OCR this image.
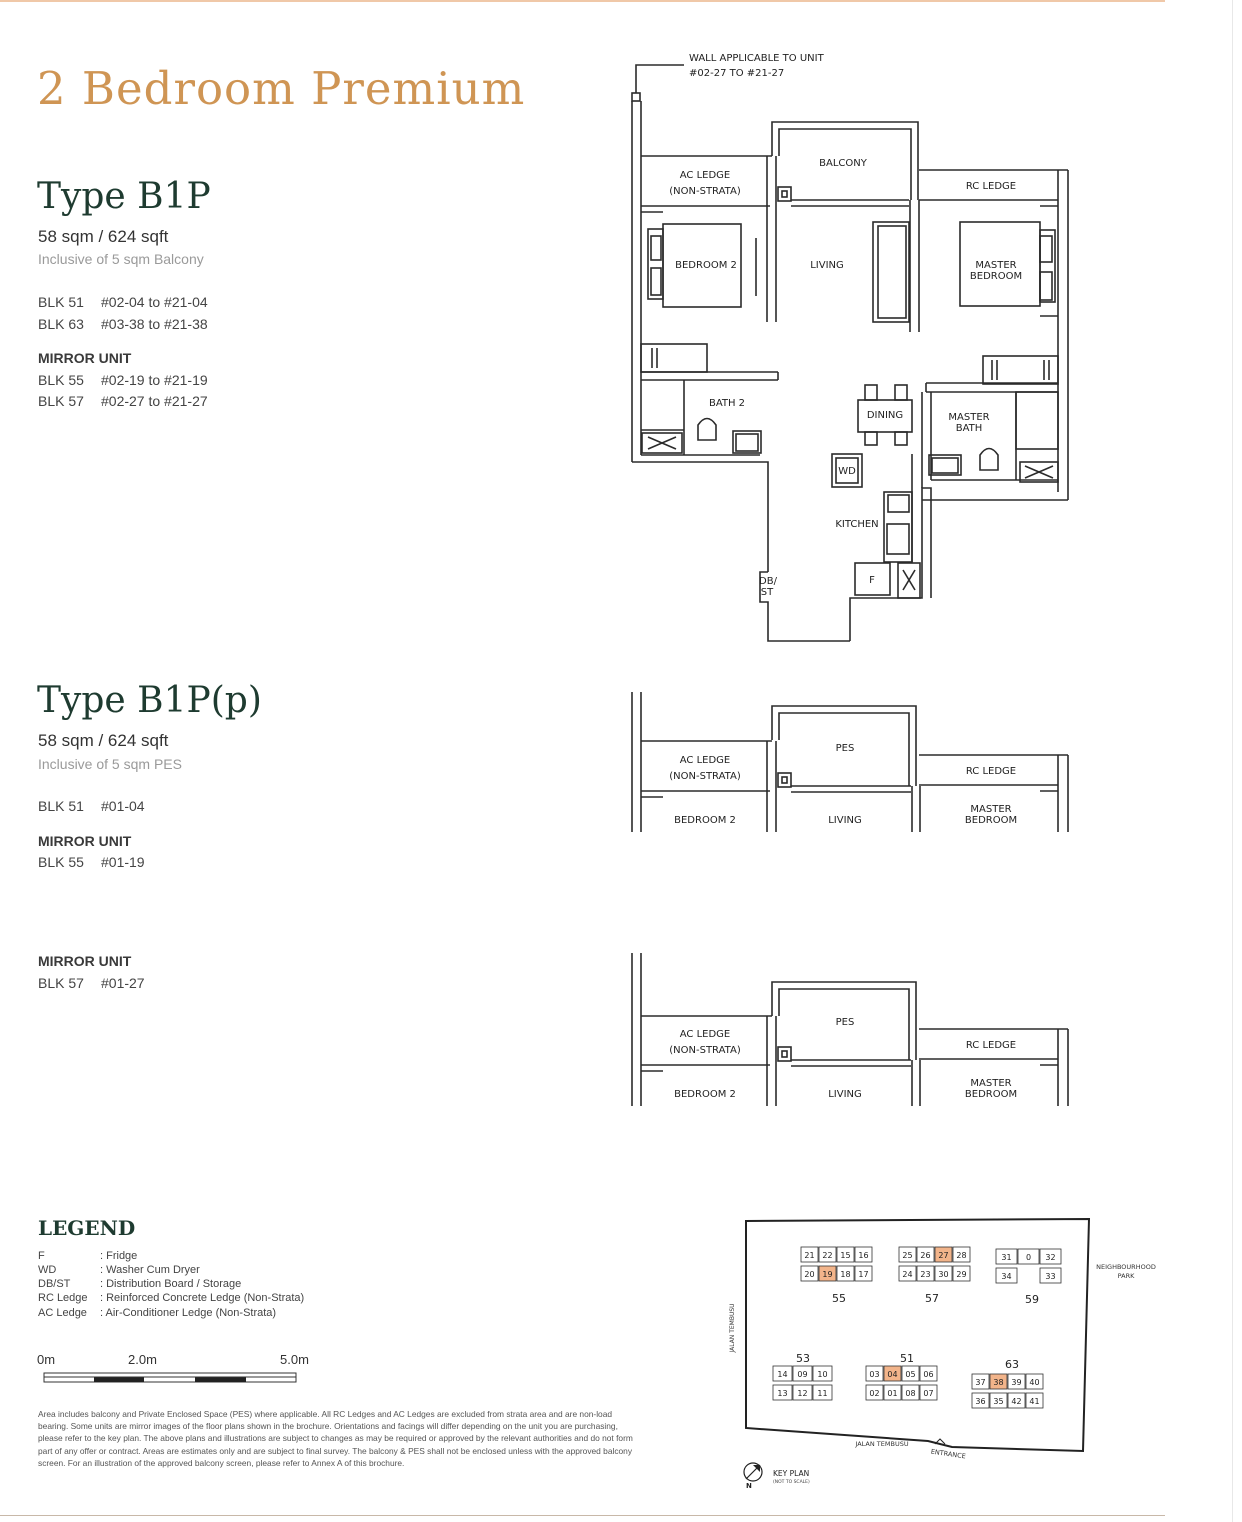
2 Bedroom Premium
Type B1P
58 sqm / 624 sqft
Inclusive of 5 sqm Balcony
BLK 51 #02-04 to #21-04
BLK 63 #03-38 to #21-38
MIRROR UNIT
BLK 55 #02-19 to #21-19
BLK 57 #02-27 to #21-27
Type B1P(p)
58 sqm / 624 sqft
Inclusive of 5 sqm PES
BLK 51 #01-04
MIRROR UNIT
BLK 55 #01-19
MIRROR UNIT
BLK 57 #01-27
LEGEND
F	: Fridge
WD	: Washer Cum Dryer
DB/ST	: Distribution Board / Storage
RC Ledge : Reinforced Concrete Ledge (Non-Strata)
AC Ledge : Air-Conditioner Ledge (Non-Strata)
0m	2.0m	5.0m
Area includes balcony and Private Enclosed Space (PES) where applicable. All RC Ledges and AC Ledges are excluded from strata area and are non-load bearing. Some units are mirror images of the floor plans shown in the brochure. Orientations and facings will differ depending on the unit you are purchasing, please refer to the key plan. The above plans and illustrations are subject to changes as may be required or approved by the relevant authorities and do not form part of any offer or contract. Areas are estimates only and are subject to final survey. The balcony & PES shall not be enclosed unless with the approved balcony screen. For an illustration of the approved balcony screen, please refer to Annex A of this brochure.
WALL APPLICABLE TO UNIT
#02-27 TO #21-27
BALCONY
AC LEDGE
(NON-STRATA)	RC LEDGE
BEDROOM 2	LIVING	MASTER
BEDROOM
BATH 2
DINING	MASTER
BATH
WD
KITCHEN
DB/
ST
F
PES
AC LEDGE
(NON-STRATA)	RC LEDGE
BEDROOM 2	LIVING
MASTER
BEDROOM
PES
AC LEDGE
(NON-STRATA)	RC LEDGE
BEDROOM 2	LIVING
MASTER
BEDROOM
JALAN TEMBUSU
JALAN TEMBUSU
ENTRANCE
NEIGHBOURHOOD
PARK
N
KEY PLAN
(NOT TO SCALE)
21 22 15 16
20 19 18 17
55
25 26 27 28
24 23 30 29
57
31 0 32
34	33
59
14 09 10
13 12 11
53
03 04 05 06
02 01 08 07
51
37 38 39 40
36 35 42 41
63
